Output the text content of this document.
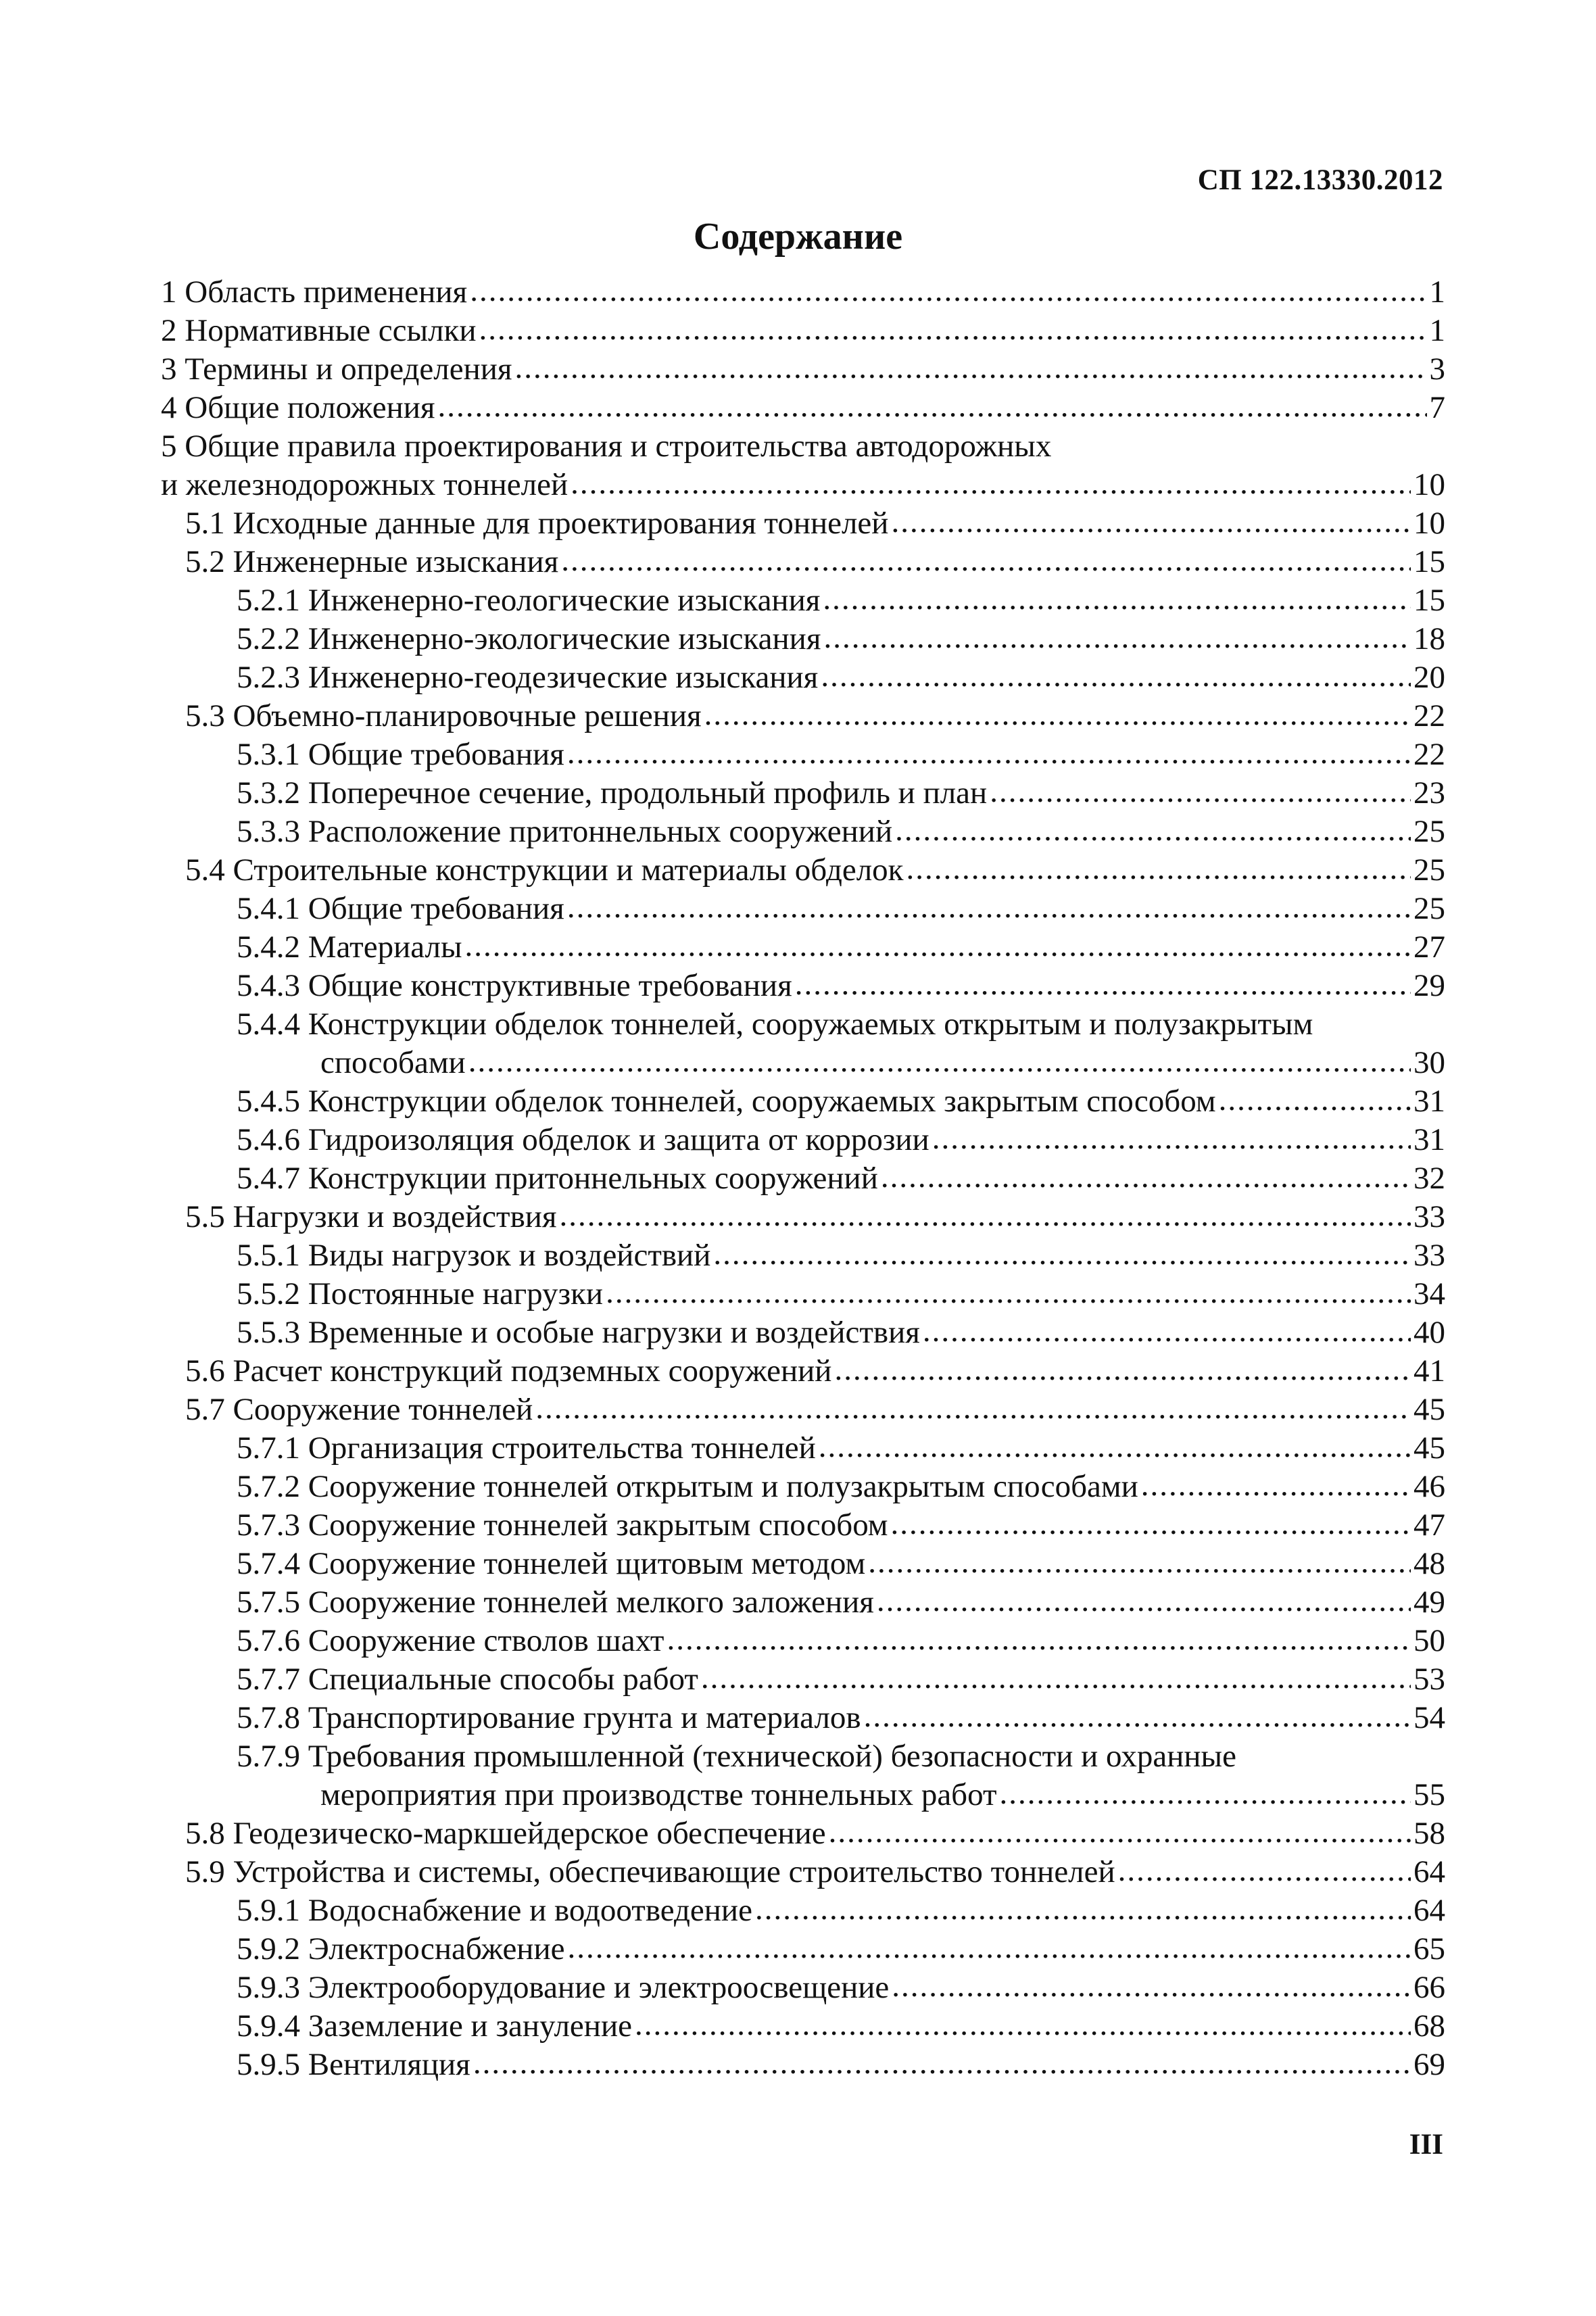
СП 122.13330.2012
Содержание
1 Область применения .....	1
2 Нормативные ссылки .....	1
3 Термины и определения .....	3
4 Общие положения .....	7
5 Общие правила проектирования и строительства автодорожных
и железнодорожных тоннелей .....	10
5.1 Исходные данные для проектирования тоннелей .....	10
5.2 Инженерные изыскания .....	15
5.2.1 Инженерно-геологические изыскания .....	15
5.2.2 Инженерно-экологические изыскания .....	18
5.2.3 Инженерно-геодезические изыскания .....	20
5.3 Объемно-планировочные решения .....	22
5.3.1 Общие требования .....	22
5.3.2 Поперечное сечение, продольный профиль и план .....	23
5.3.3 Расположение притоннельных сооружений .....	25
5.4 Строительные конструкции и материалы обделок .....	25
5.4.1 Общие требования .....	25
5.4.2 Материалы .....	27
5.4.3 Общие конструктивные требования .....	29
5.4.4 Конструкции обделок тоннелей, сооружаемых открытым и полузакрытым
способами .....	30
5.4.5 Конструкции обделок тоннелей, сооружаемых закрытым способом .....	31
5.4.6 Гидроизоляция обделок и защита от коррозии .....	31
5.4.7 Конструкции притоннельных сооружений .....	32
5.5 Нагрузки и воздействия .....	33
5.5.1 Виды нагрузок и воздействий .....	33
5.5.2 Постоянные нагрузки .....	34
5.5.3 Временные и особые нагрузки и воздействия .....	40
5.6 Расчет конструкций подземных сооружений .....	41
5.7 Сооружение тоннелей .....	45
5.7.1 Организация строительства тоннелей .....	45
5.7.2 Сооружение тоннелей открытым и полузакрытым способами .....	46
5.7.3 Сооружение тоннелей закрытым способом .....	47
5.7.4 Сооружение тоннелей щитовым методом .....	48
5.7.5 Сооружение тоннелей мелкого заложения .....	49
5.7.6 Сооружение стволов шахт .....	50
5.7.7 Специальные способы работ .....	53
5.7.8 Транспортирование грунта и материалов .....	54
5.7.9 Требования промышленной (технической) безопасности и охранные
мероприятия при производстве тоннельных работ .....	55
5.8 Геодезическо-маркшейдерское обеспечение .....	58
5.9 Устройства и системы, обеспечивающие строительство тоннелей .....	64
5.9.1 Водоснабжение и водоотведение .....	64
5.9.2 Электроснабжение .....	65
5.9.3 Электрооборудование и электроосвещение .....	66
5.9.4 Заземление и зануление .....	68
5.9.5 Вентиляция .....	69
III
